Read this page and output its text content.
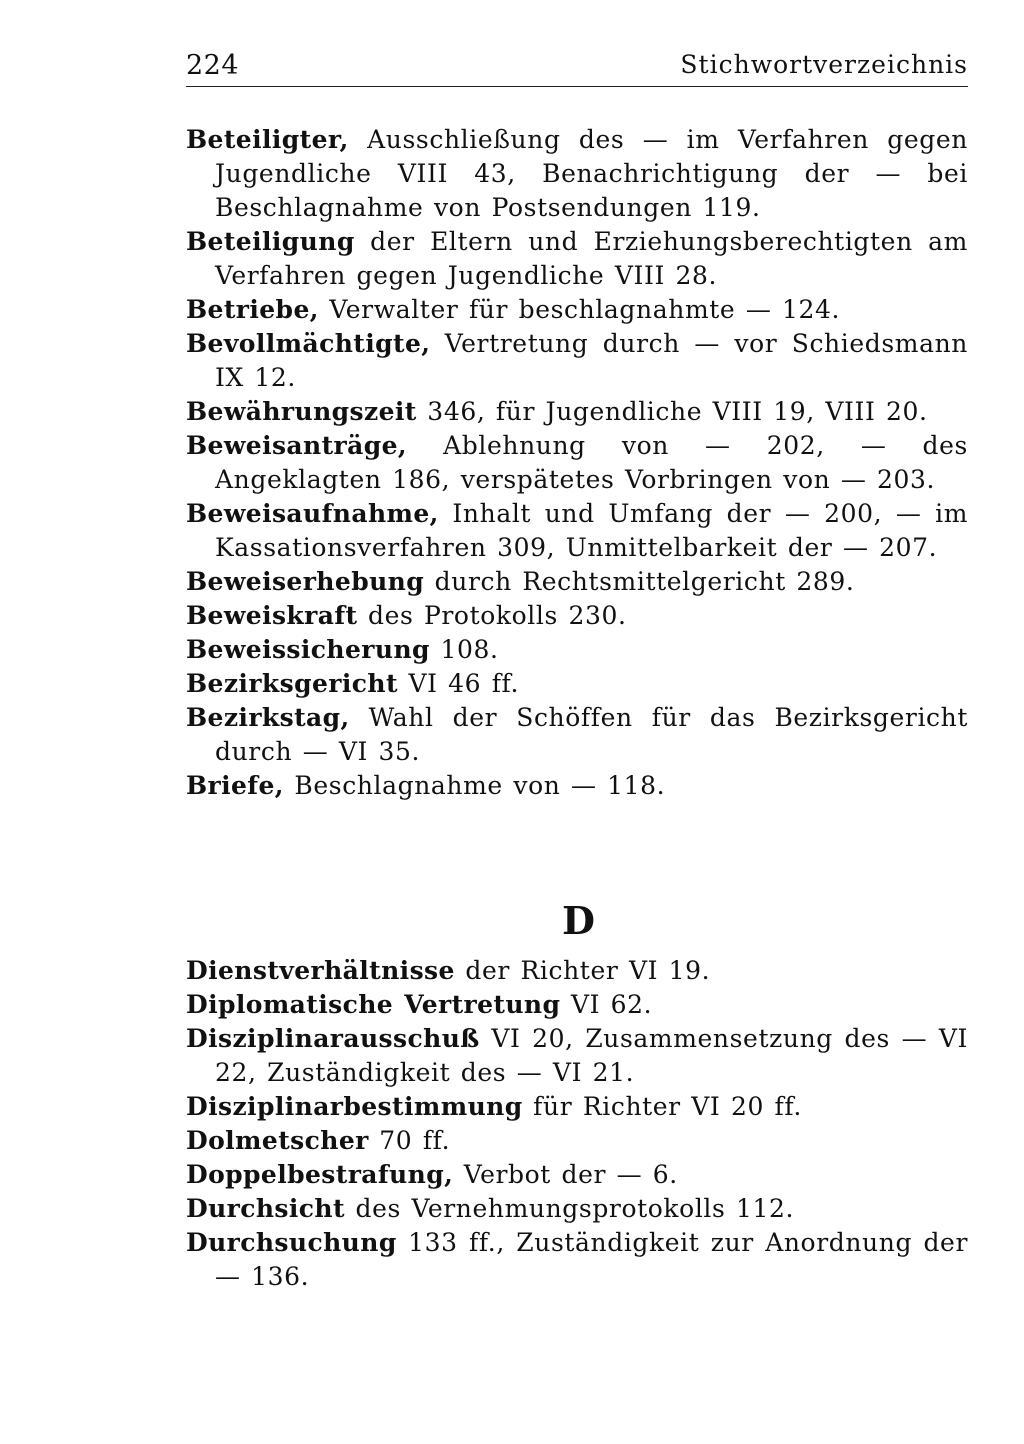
224	Stichwortverzeichnis
Beteiligter, Ausschließung des — im Verfahren gegen Jugendliche VIII 43, Benachrichtigung der — bei Beschlagnahme von Postsendungen 119.
Beteiligung der Eltern und Erziehungsberechtigten am Verfahren gegen Jugendliche VIII 28.
Betriebe, Verwalter für beschlagnahmte — 124.
Bevollmächtigte, Vertretung durch — vor Schiedsmann IX 12.
Bewährungszeit 346, für Jugendliche VIII 19, VIII 20.
Beweisanträge, Ablehnung von — 202, — des Angeklagten 186, verspätetes Vorbringen von — 203.
Beweisaufnahme, Inhalt und Umfang der — 200, — im Kassationsverfahren 309, Unmittelbarkeit der — 207.
Beweiserhebung durch Rechtsmittelgericht 289.
Beweiskraft des Protokolls 230.
Beweissicherung 108.
Bezirksgericht VI 46 ff.
Bezirkstag, Wahl der Schöffen für das Bezirksgericht durch — VI 35.
Briefe, Beschlagnahme von — 118.
D
Dienstverhältnisse der Richter VI 19.
Diplomatische Vertretung VI 62.
Disziplinarausschuß VI 20, Zusammensetzung des — VI 22, Zuständigkeit des — VI 21.
Disziplinarbestimmung für Richter VI 20 ff.
Dolmetscher 70 ff.
Doppelbestrafung, Verbot der — 6.
Durchsicht des Vernehmungsprotokolls 112.
Durchsuchung 133 ff., Zuständigkeit zur Anordnung der — 136.
